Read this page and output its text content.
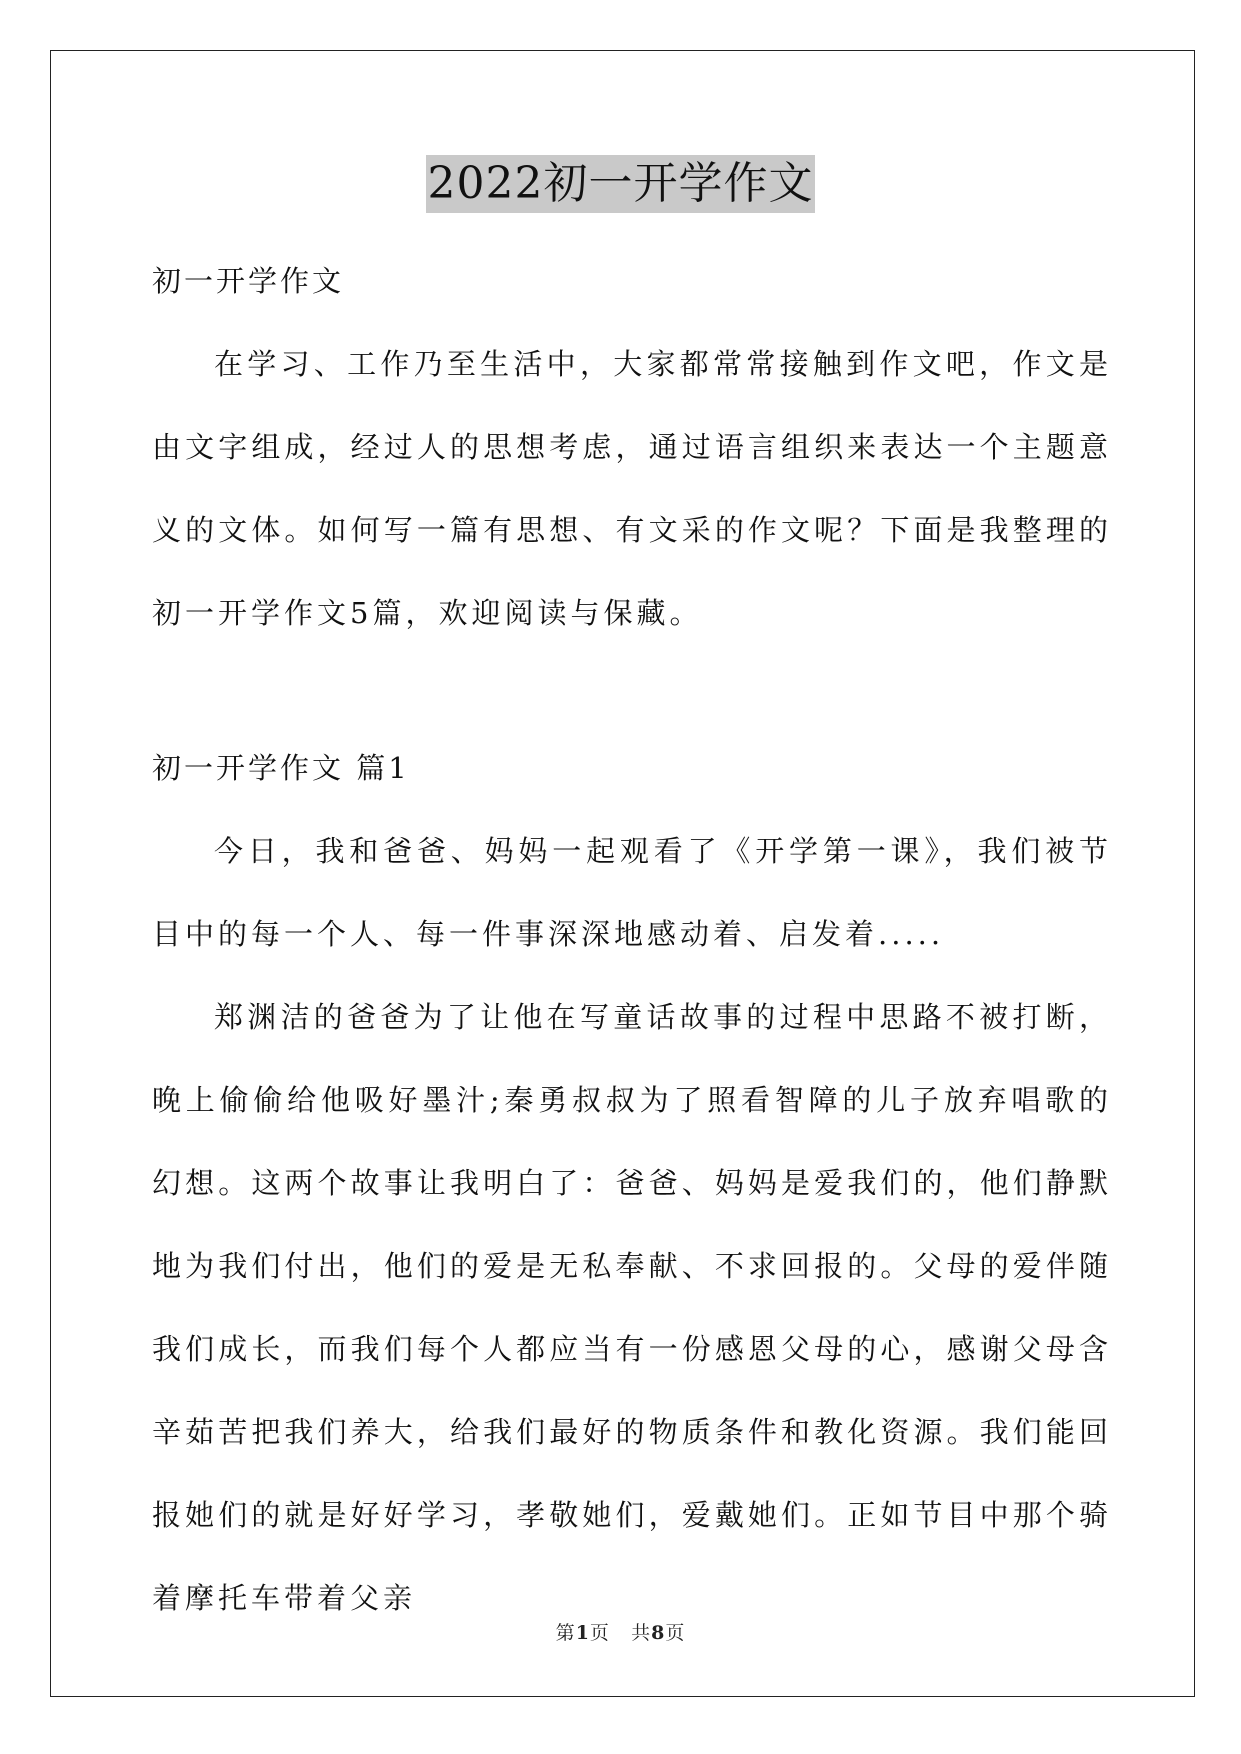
2022初一开学作文

初一开学作文

在学习、工作乃至生活中，大家都常常接触到作文吧，作文是由文字组成，经过人的思想考虑，通过语言组织来表达一个主题意义的文体。如何写一篇有思想、有文采的作文呢？下面是我整理的初一开学作文5篇，欢迎阅读与保藏。

初一开学作文 篇1

今日，我和爸爸、妈妈一起观看了《开学第一课》，我们被节目中的每一个人、每一件事深深地感动着、启发着.....

郑渊洁的爸爸为了让他在写童话故事的过程中思路不被打断，晚上偷偷给他吸好墨汁;秦勇叔叔为了照看智障的儿子放弃唱歌的幻想。这两个故事让我明白了：爸爸、妈妈是爱我们的，他们静默地为我们付出，他们的爱是无私奉献、不求回报的。父母的爱伴随我们成长，而我们每个人都应当有一份感恩父母的心，感谢父母含辛茹苦把我们养大，给我们最好的物质条件和教化资源。我们能回报她们的就是好好学习，孝敬她们，爱戴她们。正如节目中那个骑着摩托车带着父亲

第1页 共8页
